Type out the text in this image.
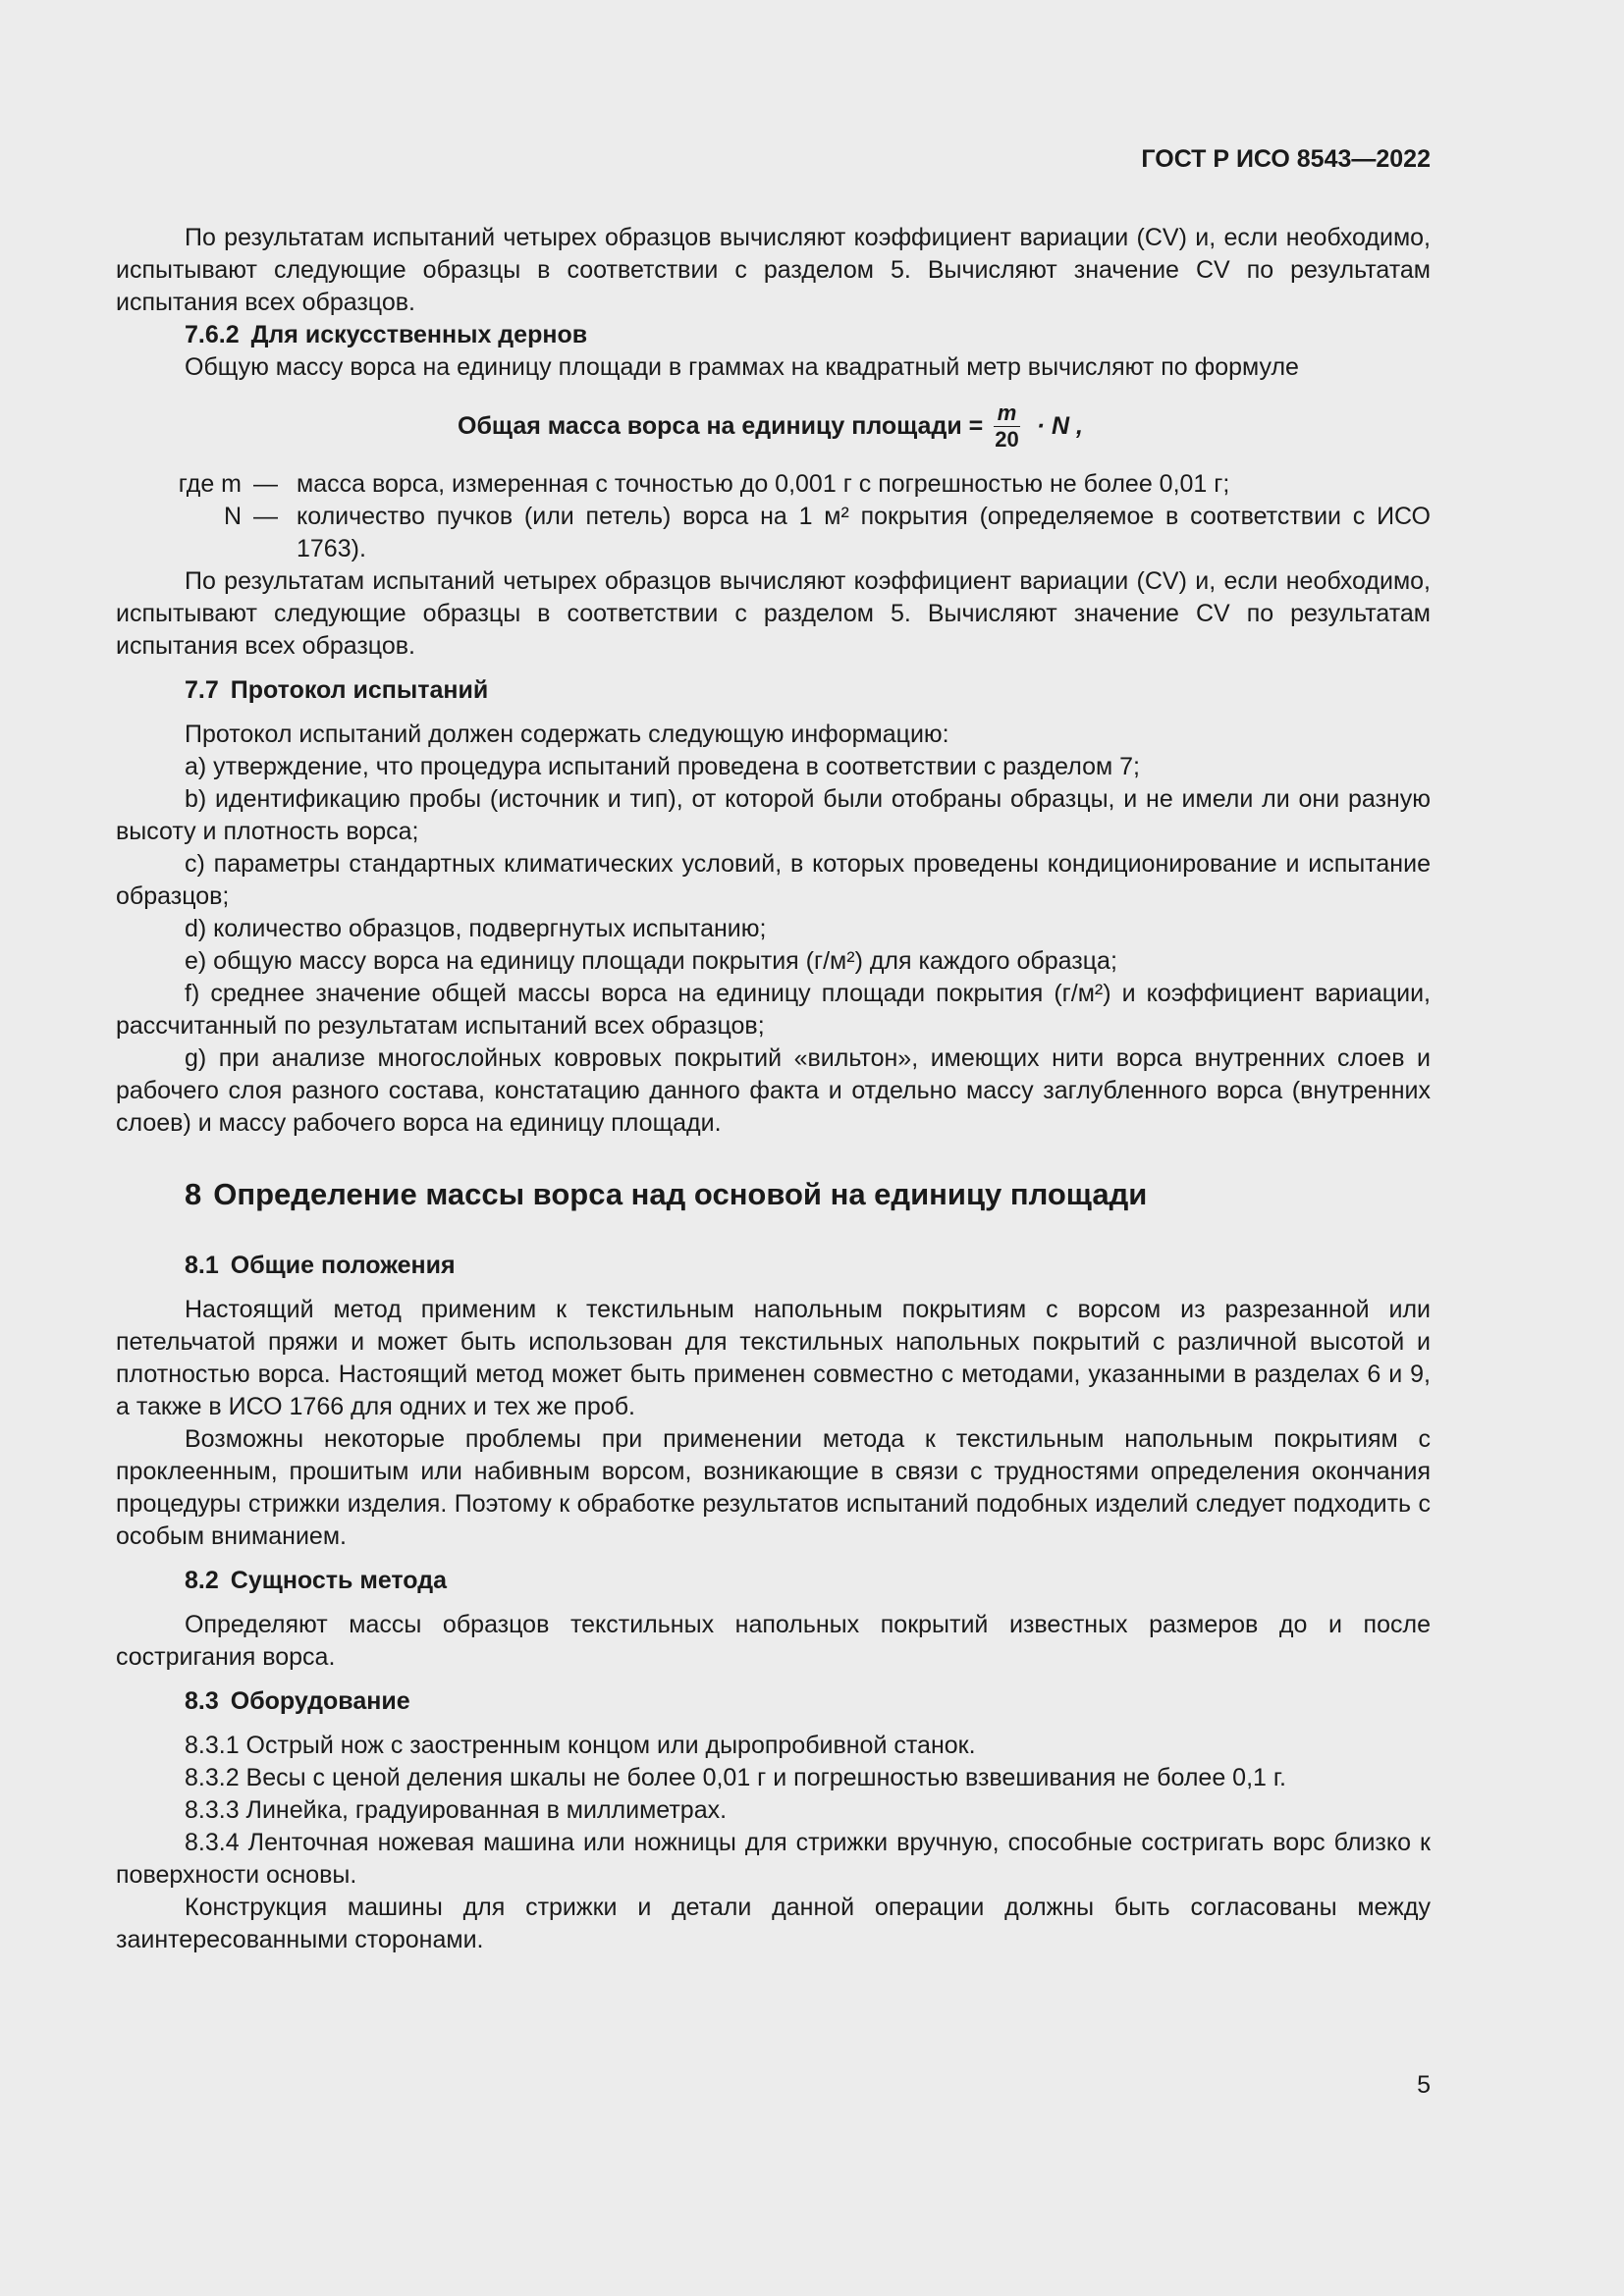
ГОСТ Р ИСО 8543—2022

По результатам испытаний четырех образцов вычисляют коэффициент вариации (CV) и, если необходимо, испытывают следующие образцы в соответствии с разделом 5. Вычисляют значение CV по результатам испытания всех образцов.

7.6.2 Для искусственных дернов

Общую массу ворса на единицу площади в граммах на квадратный метр вычисляют по формуле

Общая масса ворса на единицу площади = $\frac{m}{20} \cdot N$ ,
где m — масса ворса, измеренная с точностью до 0,001 г с погрешностью не более 0,01 г;
N — количество пучков (или петель) ворса на 1 м² покрытия (определяемое в соответствии с ИСО 1763).

По результатам испытаний четырех образцов вычисляют коэффициент вариации (CV) и, если необходимо, испытывают следующие образцы в соответствии с разделом 5. Вычисляют значение CV по результатам испытания всех образцов.

7.7 Протокол испытаний

Протокол испытаний должен содержать следующую информацию:

a) утверждение, что процедура испытаний проведена в соответствии с разделом 7;

b) идентификацию пробы (источник и тип), от которой были отобраны образцы, и не имели ли они разную высоту и плотность ворса;

c) параметры стандартных климатических условий, в которых проведены кондиционирование и испытание образцов;

d) количество образцов, подвергнутых испытанию;

e) общую массу ворса на единицу площади покрытия (г/м²) для каждого образца;

f) среднее значение общей массы ворса на единицу площади покрытия (г/м²) и коэффициент вариации, рассчитанный по результатам испытаний всех образцов;

g) при анализе многослойных ковровых покрытий «вильтон», имеющих нити ворса внутренних слоев и рабочего слоя разного состава, констатацию данного факта и отдельно массу заглубленного ворса (внутренних слоев) и массу рабочего ворса на единицу площади.

8 Определение массы ворса над основой на единицу площади
8.1 Общие положения

Настоящий метод применим к текстильным напольным покрытиям с ворсом из разрезанной или петельчатой пряжи и может быть использован для текстильных напольных покрытий с различной высотой и плотностью ворса. Настоящий метод может быть применен совместно с методами, указанными в разделах 6 и 9, а также в ИСО 1766 для одних и тех же проб.

Возможны некоторые проблемы при применении метода к текстильным напольным покрытиям с проклеенным, прошитым или набивным ворсом, возникающие в связи с трудностями определения окончания процедуры стрижки изделия. Поэтому к обработке результатов испытаний подобных изделий следует подходить с особым вниманием.

8.2 Сущность метода

Определяют массы образцов текстильных напольных покрытий известных размеров до и после состригания ворса.

8.3 Оборудование

8.3.1 Острый нож с заостренным концом или дыропробивной станок.

8.3.2 Весы с ценой деления шкалы не более 0,01 г и погрешностью взвешивания не более 0,1 г.

8.3.3 Линейка, градуированная в миллиметрах.

8.3.4 Ленточная ножевая машина или ножницы для стрижки вручную, способные состригать ворс близко к поверхности основы.

Конструкция машины для стрижки и детали данной операции должны быть согласованы между заинтересованными сторонами.

5
